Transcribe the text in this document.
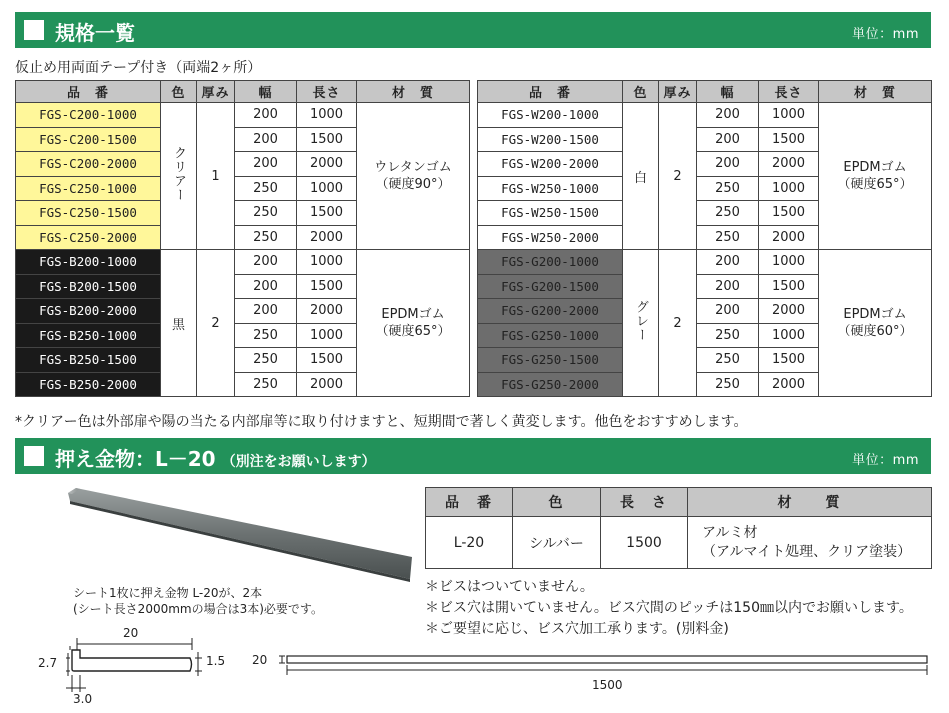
規格一覧	単位：mm
仮止め用両面テープ付き（両端2ヶ所）
品　番	色	厚み	幅	長さ	材　質
FGS-C200-1000	クリアー	1	200	1000	ウレタンゴム
（硬度90°）

FGS-C200-1500			200	1500	
FGS-C200-2000			200	2000	
FGS-C250-1000			250	1000	
FGS-C250-1500			250	1500	
FGS-C250-2000			250	2000	
FGS-B200-1000	黒	2	200	1000	EPDMゴム
（硬度65°）

FGS-B200-1500			200	1500	
FGS-B200-2000			200	2000	
FGS-B250-1000			250	1000	
FGS-B250-1500			250	1500	
FGS-B250-2000			250	2000	
品　番	色	厚み	幅	長さ	材　質
FGS-W200-1000	白	2	200	1000	EPDMゴム
（硬度65°）

FGS-W200-1500			200	1500	
FGS-W200-2000			200	2000	
FGS-W250-1000			250	1000	
FGS-W250-1500			250	1500	
FGS-W250-2000			250	2000	
FGS-G200-1000	グレー	2	200	1000	EPDMゴム
（硬度60°）

FGS-G200-1500			200	1500	
FGS-G200-2000			200	2000	
FGS-G250-1000			250	1000	
FGS-G250-1500			250	1500	
FGS-G250-2000			250	2000	
*クリアー色は外部扉や陽の当たる内部扉等に取り付けますと、短期間で著しく黄変します。他色をおすすめします。
押え金物：L－20 （別注をお願いします）	単位：mm
シート1枚に押え金物 L-20が、2本
(シート長さ2000mmの場合は3本)必要です。
品　番	色	長　さ	材　　質
L-20	シルバー	1500	アルミ材
（アルマイト処理、クリア塗装）
＊ビスはついていません。
＊ビス穴は開いていません。ビス穴間のピッチは150㎜以内でお願いします。
＊ご要望に応じ、ビス穴加工承ります。(別料金)
20
2.7	1.5
3.0
20
1500
